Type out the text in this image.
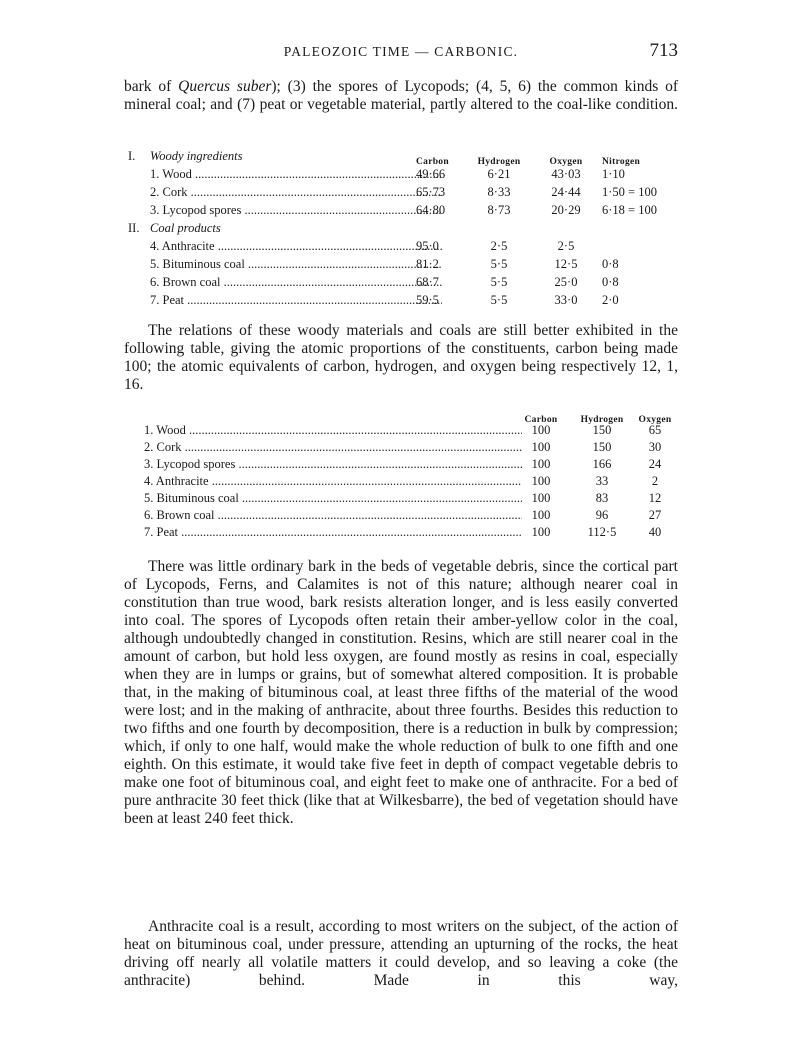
PALEOZOIC TIME — CARBONIC.	713
bark of Quercus suber); (3) the spores of Lycopods; (4, 5, 6) the common kinds of mineral coal; and (7) peat or vegetable material, partly altered to the coal-like condition.
Carbon	Hydrogen	Oxygen	Nitrogen
I. Woody ingredients
1. Wood .....	49·66	6·21	43·03	1·10
2. Cork .....	65·73	8·33	24·44	1·50 = 100
3. Lycopod spores .....	64·80	8·73	20·29	6·18 = 100
II. Coal products
4. Anthracite .....	95·0	2·5	2·5
5. Bituminous coal .....	81·2	5·5	12·5	0·8
6. Brown coal .....	68·7	5·5	25·0	0·8
7. Peat .....	59·5	5·5	33·0	2·0
The relations of these woody materials and coals are still better exhibited in the following table, giving the atomic proportions of the constituents, carbon being made 100; the atomic equivalents of carbon, hydrogen, and oxygen being respectively 12, 1, 16.
Carbon	Hydrogen	Oxygen
1. Wood .....	100	150	65
2. Cork .....	100	150	30
3. Lycopod spores .....	100	166	24
4. Anthracite .....	100	33	2
5. Bituminous coal .....	100	83	12
6. Brown coal .....	100	96	27
7. Peat .....	100	112·5	40
There was little ordinary bark in the beds of vegetable debris, since the cortical part of Lycopods, Ferns, and Calamites is not of this nature; although nearer coal in constitution than true wood, bark resists alteration longer, and is less easily converted into coal. The spores of Lycopods often retain their amber-yellow color in the coal, although undoubtedly changed in constitution. Resins, which are still nearer coal in the amount of carbon, but hold less oxygen, are found mostly as resins in coal, especially when they are in lumps or grains, but of somewhat altered composition. It is probable that, in the making of bituminous coal, at least three fifths of the material of the wood were lost; and in the making of anthracite, about three fourths. Besides this reduction to two fifths and one fourth by decomposition, there is a reduction in bulk by compression; which, if only to one half, would make the whole reduction of bulk to one fifth and one eighth. On this estimate, it would take five feet in depth of compact vegetable debris to make one foot of bituminous coal, and eight feet to make one of anthracite. For a bed of pure anthracite 30 feet thick (like that at Wilkesbarre), the bed of vegetation should have been at least 240 feet thick.
Anthracite coal is a result, according to most writers on the subject, of the action of heat on bituminous coal, under pressure, attending an upturning of the rocks, the heat driving off nearly all volatile matters it could develop, and so leaving a coke (the anthracite) behind. Made in this way,
